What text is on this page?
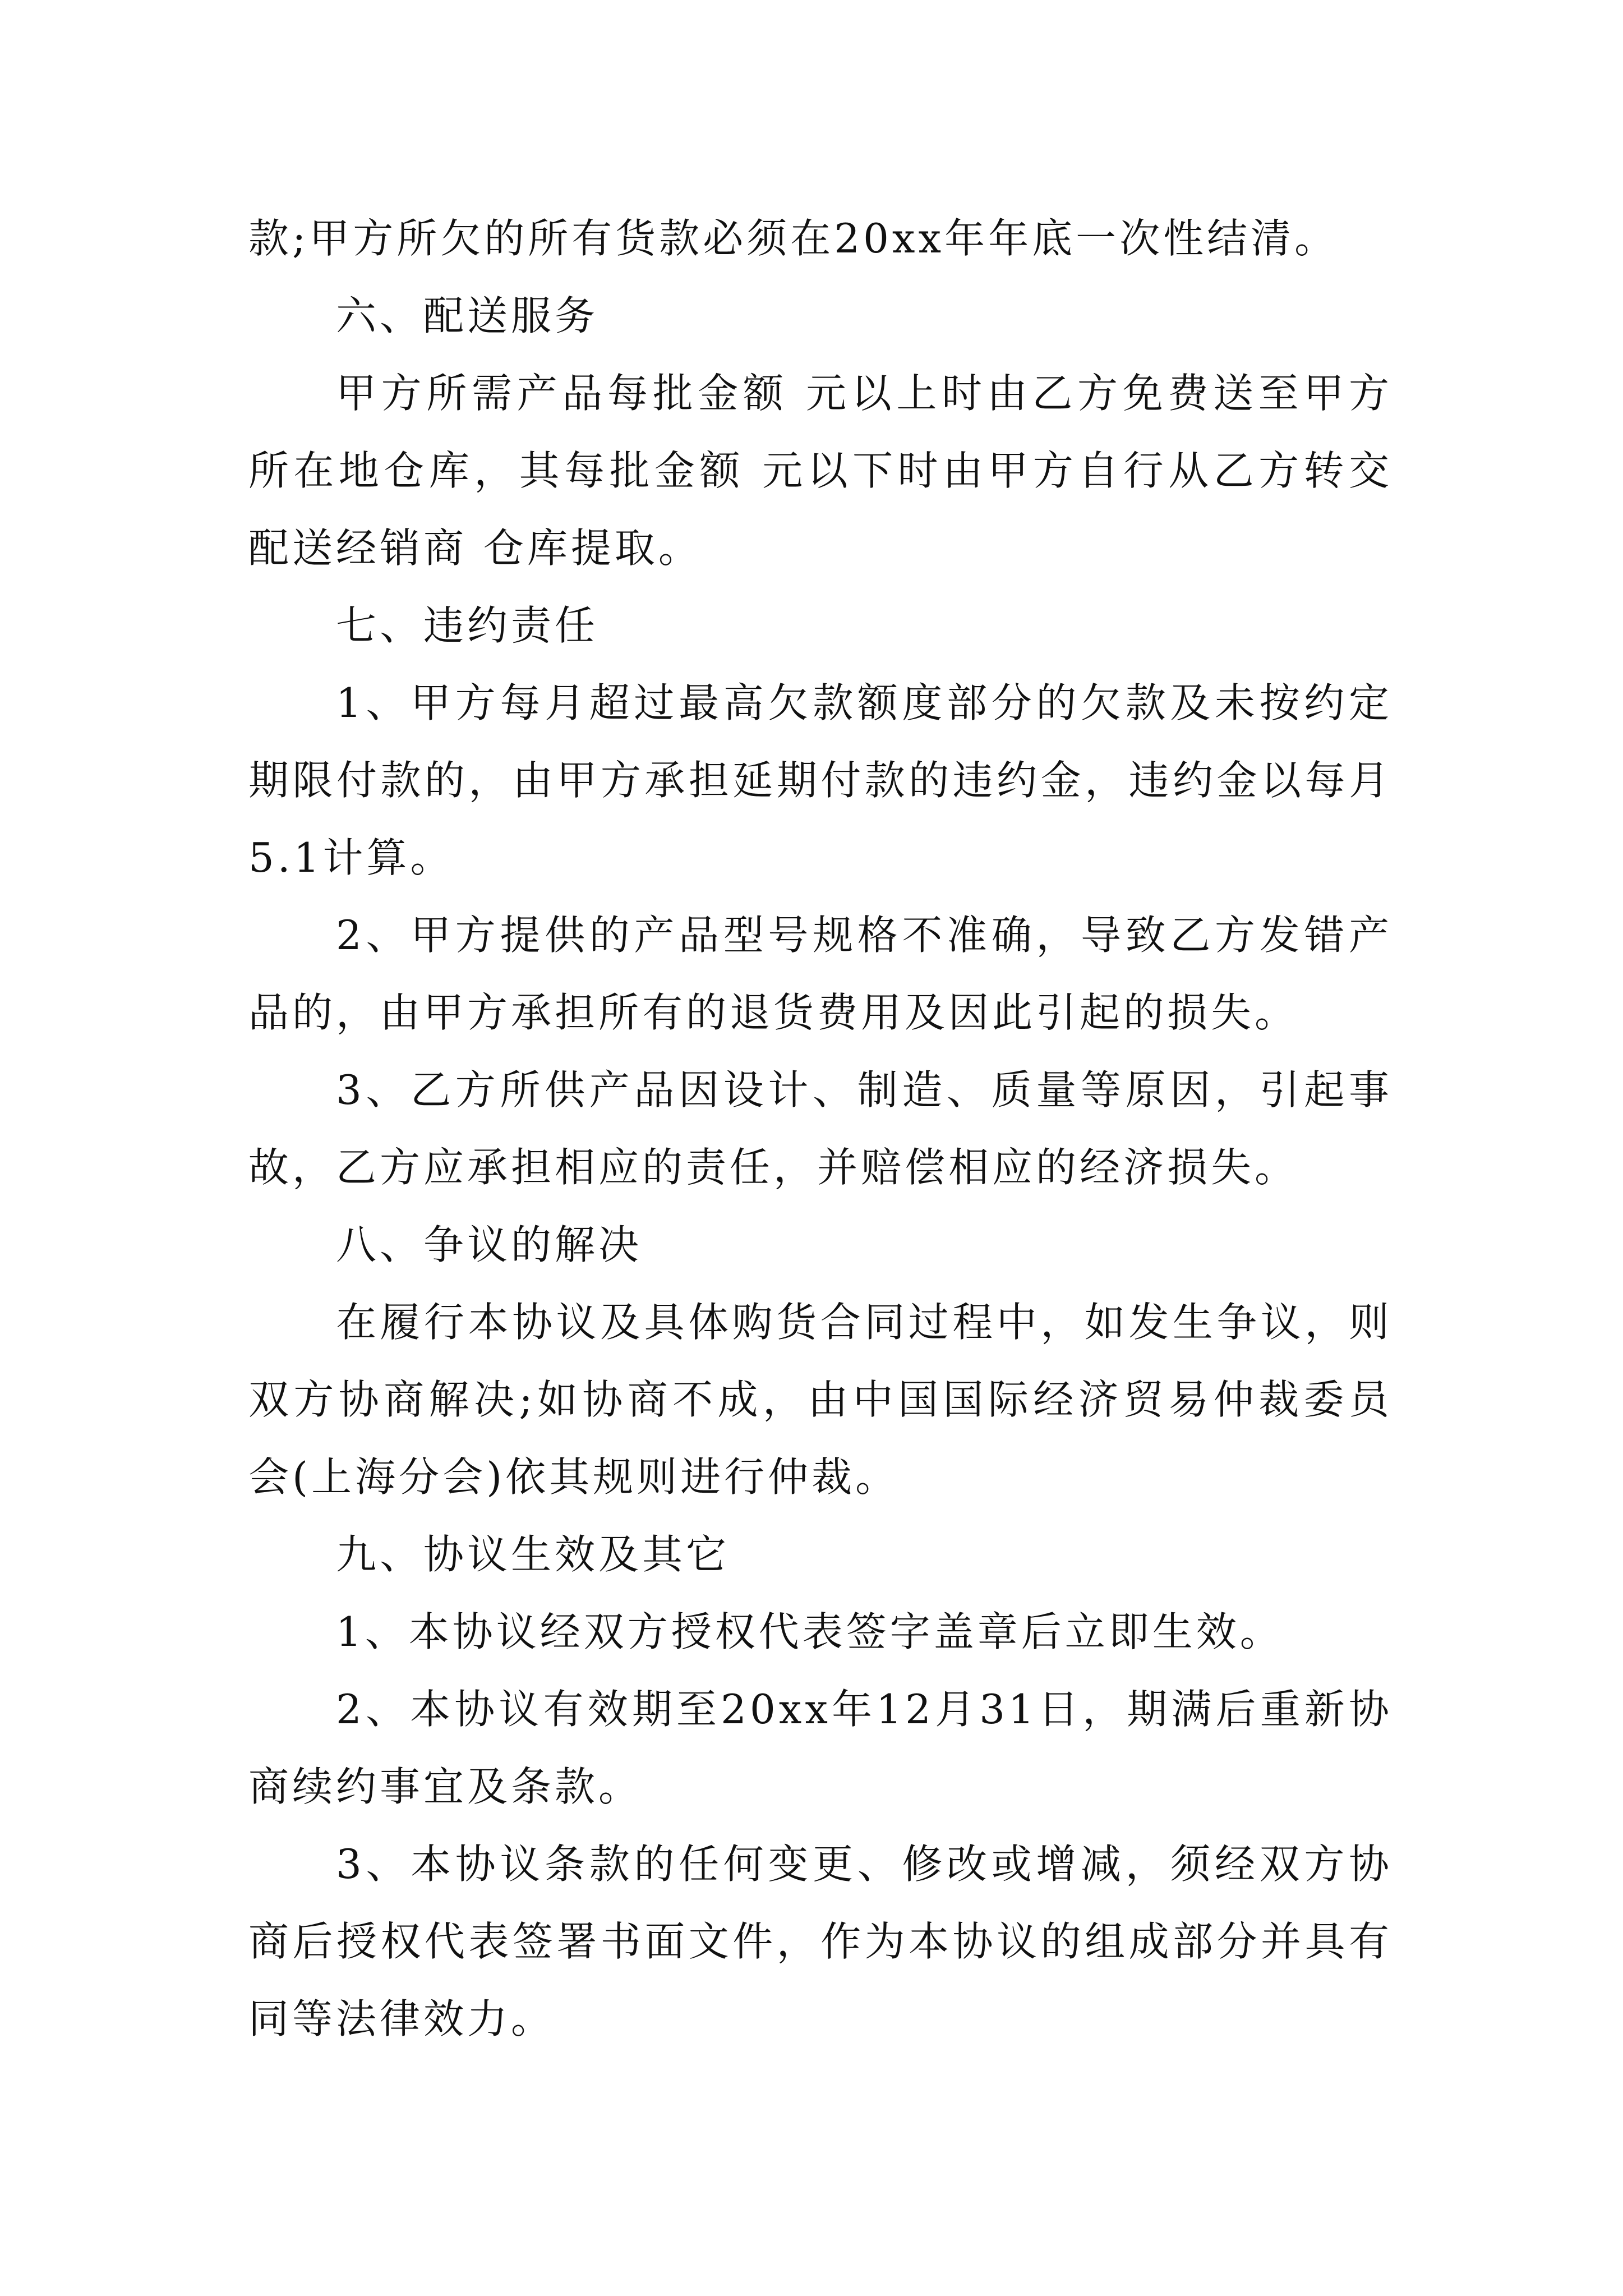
款;甲方所欠的所有货款必须在20xx年年底一次性结清。

六、配送服务

甲方所需产品每批金额 元以上时由乙方免费送至甲方所在地仓库，其每批金额 元以下时由甲方自行从乙方转交配送经销商 仓库提取。

七、违约责任

1、甲方每月超过最高欠款额度部分的欠款及未按约定期限付款的，由甲方承担延期付款的违约金，违约金以每月5.1计算。

2、甲方提供的产品型号规格不准确，导致乙方发错产品的，由甲方承担所有的退货费用及因此引起的损失。

3、乙方所供产品因设计、制造、质量等原因，引起事故，乙方应承担相应的责任，并赔偿相应的经济损失。

八、争议的解决

在履行本协议及具体购货合同过程中，如发生争议，则双方协商解决;如协商不成，由中国国际经济贸易仲裁委员会(上海分会)依其规则进行仲裁。

九、协议生效及其它

1、本协议经双方授权代表签字盖章后立即生效。

2、本协议有效期至20xx年12月31日，期满后重新协商续约事宜及条款。

3、本协议条款的任何变更、修改或增减，须经双方协商后授权代表签署书面文件，作为本协议的组成部分并具有同等法律效力。
